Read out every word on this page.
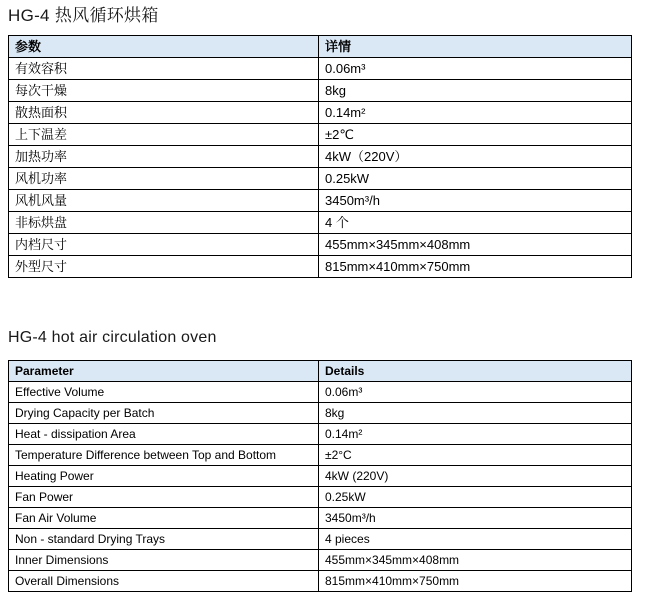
HG-4 热风循环烘箱
参数	详情
有效容积	0.06m³
每次干燥	8kg
散热面积	0.14m²
上下温差	±2℃
加热功率	4kW（220V）
风机功率	0.25kW
风机风量	3450m³/h
非标烘盘	4 个
内档尺寸	455mm×345mm×408mm
外型尺寸	815mm×410mm×750mm
HG-4 hot air circulation oven
Parameter	Details
Effective Volume	0.06m³
Drying Capacity per Batch	8kg
Heat - dissipation Area	0.14m²
Temperature Difference between Top and Bottom	±2°C
Heating Power	4kW (220V)
Fan Power	0.25kW
Fan Air Volume	3450m³/h
Non - standard Drying Trays	4 pieces
Inner Dimensions	455mm×345mm×408mm
Overall Dimensions	815mm×410mm×750mm
